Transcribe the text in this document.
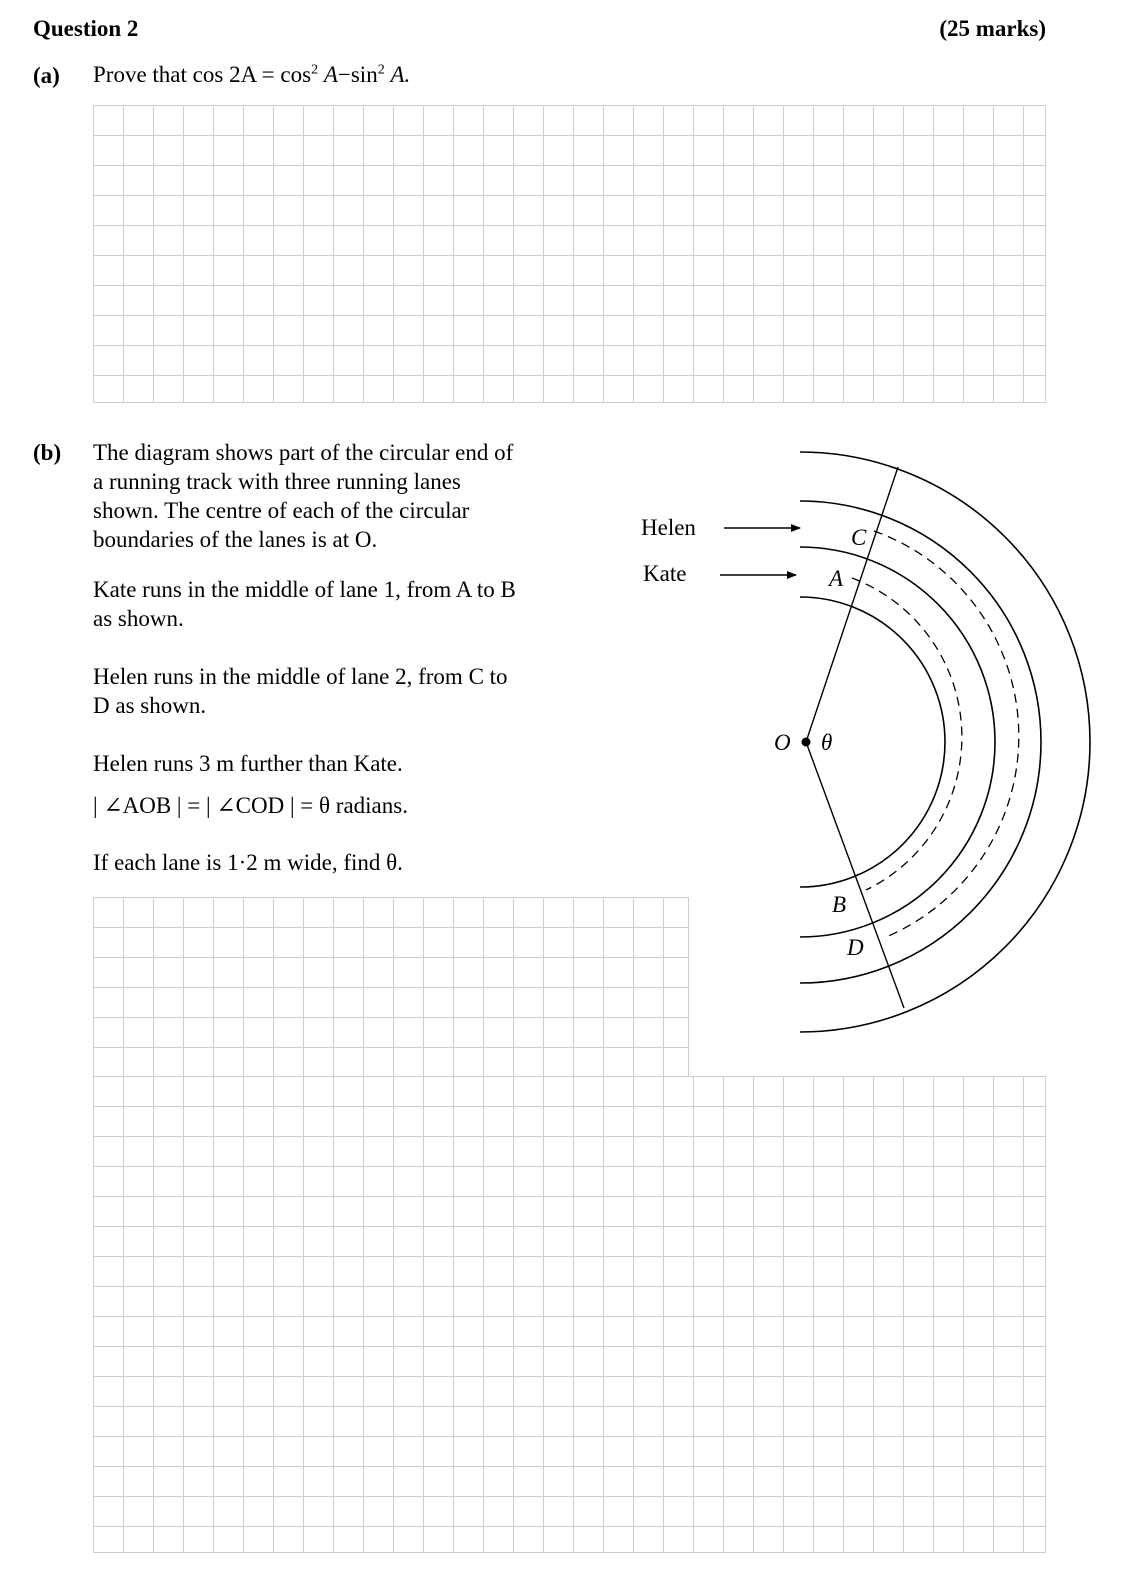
Question 2	(25 marks)
(a) Prove that $\cos 2A = \cos^2 A-\sin^2$ A.
(b) The diagram shows part of the circular end of a running track with three running lanes shown. The centre of each of the circular boundaries of the lanes is at O.

Kate runs in the middle of lane 1, from A to B as shown.

Helen runs in the middle of lane 2, from C to D as shown.

Helen runs 3 m further than Kate.

| ∠AOB | = | ∠COD | = θ radians.

If each lane is 1·2 m wide, find θ.

Helen
Kate
O θ
A
C
B
D
